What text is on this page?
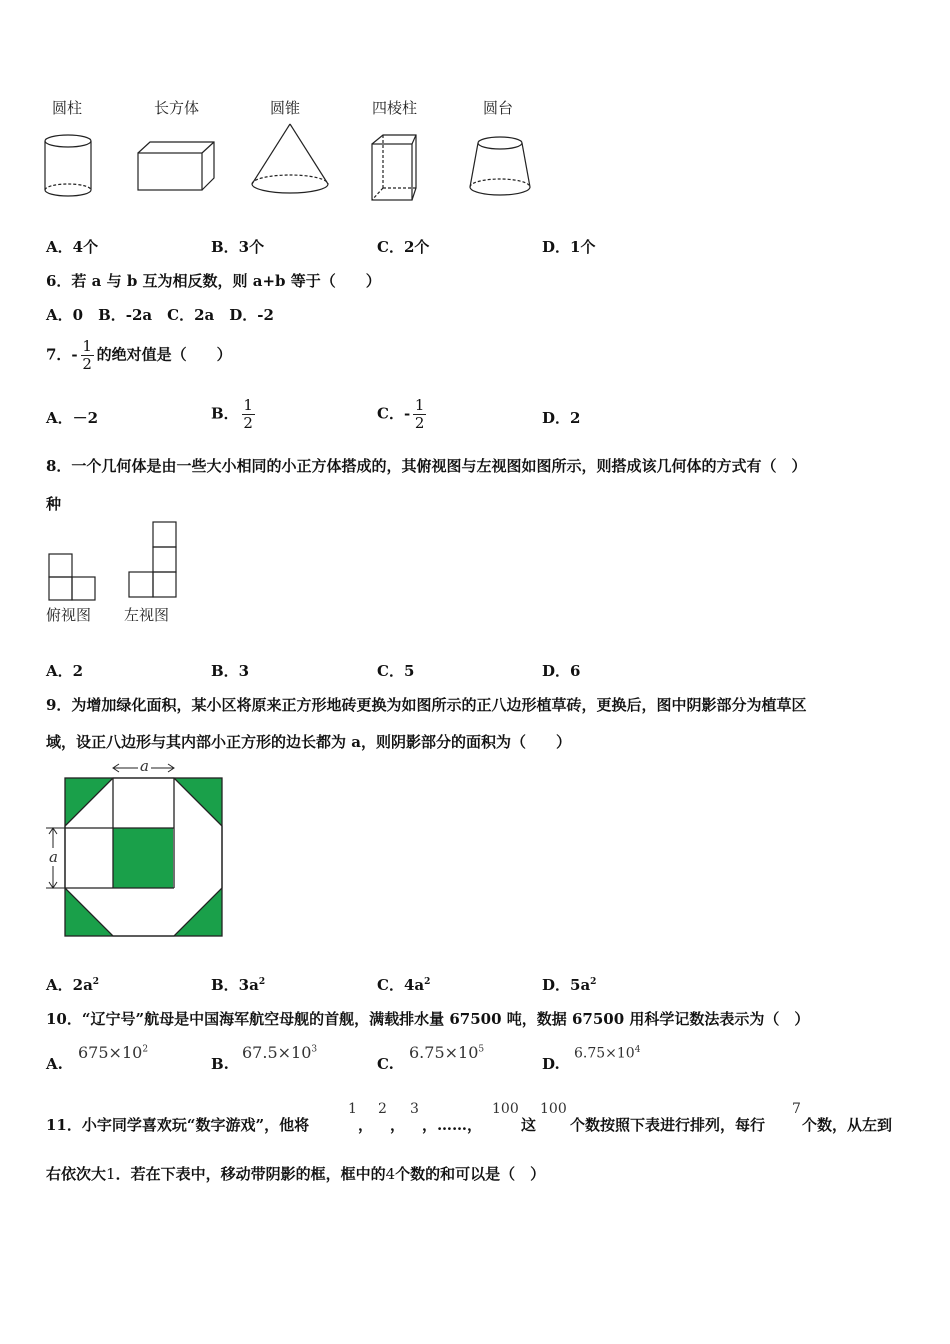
圆柱	长方体	圆锥	四棱柱	圆台
A．4个	B．3个	C．2个	D．1个
6．若 a 与 b 互为相反数，则 a+b 等于（　　）
A．0　B．-2a　C．2a　D．-2
7．- $\frac{1}{2}$ 的绝对值是（　　）
A．－2	B． $\frac{1}{2}$	C．- $\frac{1}{2}$	D．2
8．一个几何体是由一些大小相同的小正方体搭成的，其俯视图与左视图如图所示，则搭成该几何体的方式有（　）
种
俯视图 左视图
A．2	B．3	C．5	D．6
9．为增加绿化面积，某小区将原来正方形地砖更换为如图所示的正八边形植草砖，更换后，图中阴影部分为植草区
域，设正八边形与其内部小正方形的边长都为 a，则阴影部分的面积为（　　）
a
a
A．$2a^2$	B．$3a^2$	C．$4a^2$	D．$5a^2$
10．“辽宁号”航母是中国海军航空母舰的首舰，满载排水量 67500 吨，数据 67500 用科学记数法表示为（　）
A.
$675\times 10^2$
B.
$67.5\times 10^3$
C.
$6.75\times 10^5$
D.
$6.75\times 10^4$
11．小宇同学喜欢玩“数字游戏”，他将
1
，
2
，
3
，……，
100
这
100
个数按照下表进行排列，每行
7
个数，从左到
右依次大1．若在下表中，移动带阴影的框，框中的4个数的和可以是（　）
